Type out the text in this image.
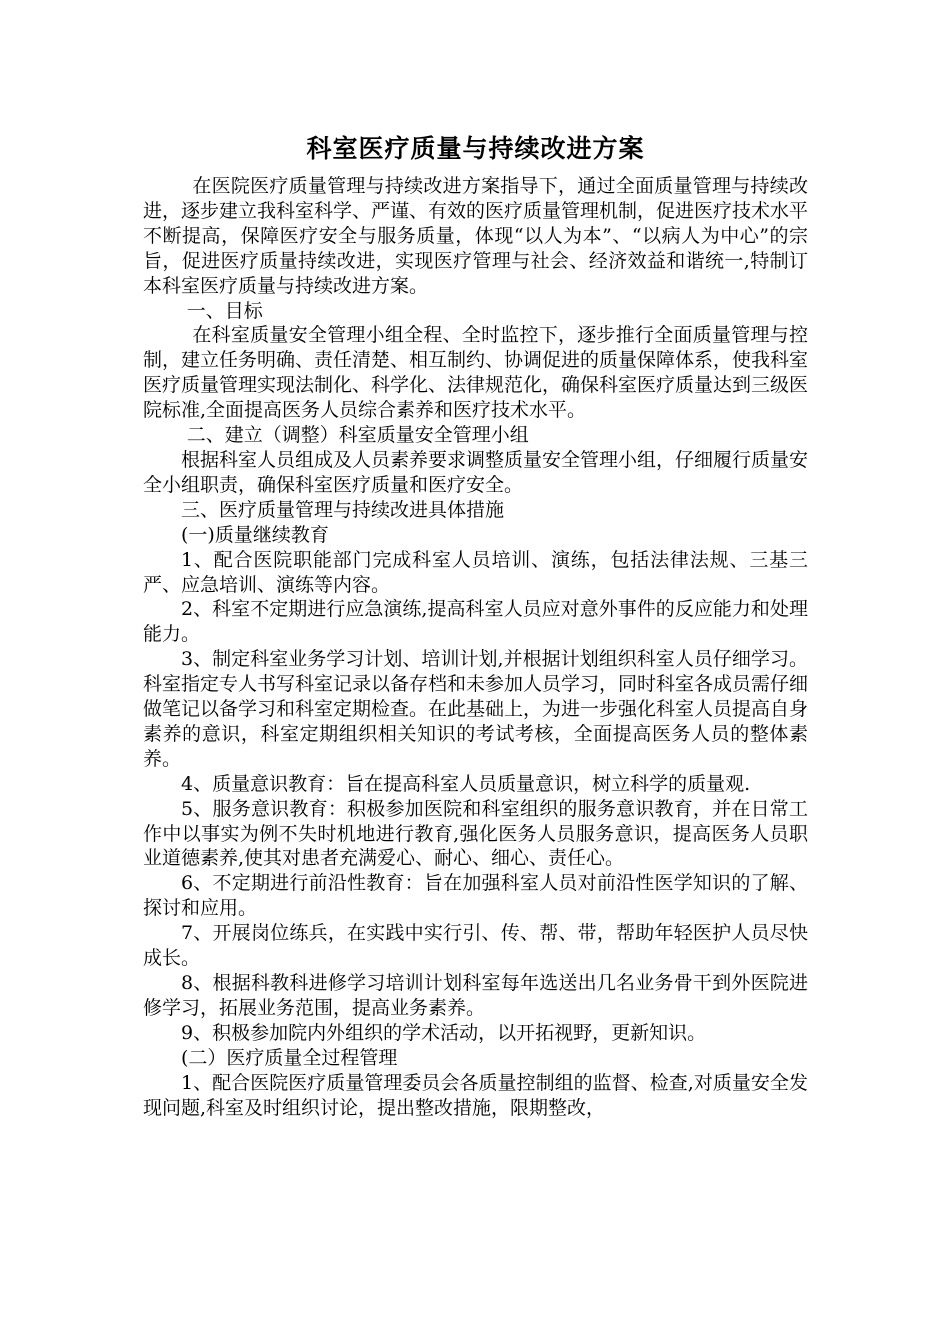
科室医疗质量与持续改进方案

在医院医疗质量管理与持续改进方案指导下，通过全面质量管理与持续改进，逐步建立我科室科学、严谨、有效的医疗质量管理机制，促进医疗技术水平不断提高，保障医疗安全与服务质量，体现“以人为本”、“以病人为中心”的宗旨，促进医疗质量持续改进，实现医疗管理与社会、经济效益和谐统一,特制订本科室医疗质量与持续改进方案。

一、目标

在科室质量安全管理小组全程、全时监控下，逐步推行全面质量管理与控制，建立任务明确、责任清楚、相互制约、协调促进的质量保障体系，使我科室医疗质量管理实现法制化、科学化、法律规范化，确保科室医疗质量达到三级医院标准,全面提高医务人员综合素养和医疗技术水平。

二、建立（调整）科室质量安全管理小组

根据科室人员组成及人员素养要求调整质量安全管理小组，仔细履行质量安全小组职责，确保科室医疗质量和医疗安全。

三、医疗质量管理与持续改进具体措施

(一)质量继续教育

1、配合医院职能部门完成科室人员培训、演练，包括法律法规、三基三严、应急培训、演练等内容。

2、科室不定期进行应急演练,提高科室人员应对意外事件的反应能力和处理能力。

3、制定科室业务学习计划、培训计划,并根据计划组织科室人员仔细学习。科室指定专人书写科室记录以备存档和未参加人员学习，同时科室各成员需仔细做笔记以备学习和科室定期检查。在此基础上，为进一步强化科室人员提高自身素养的意识，科室定期组织相关知识的考试考核，全面提高医务人员的整体素养。

4、质量意识教育：旨在提高科室人员质量意识，树立科学的质量观.

5、服务意识教育：积极参加医院和科室组织的服务意识教育，并在日常工作中以事实为例不失时机地进行教育,强化医务人员服务意识，提高医务人员职业道德素养,使其对患者充满爱心、耐心、细心、责任心。

6、不定期进行前沿性教育：旨在加强科室人员对前沿性医学知识的了解、探讨和应用。

7、开展岗位练兵，在实践中实行引、传、帮、带，帮助年轻医护人员尽快成长。

8、根据科教科进修学习培训计划科室每年选送出几名业务骨干到外医院进修学习，拓展业务范围，提高业务素养。

9、积极参加院内外组织的学术活动，以开拓视野，更新知识。

(二）医疗质量全过程管理

1、配合医院医疗质量管理委员会各质量控制组的监督、检查,对质量安全发现问题,科室及时组织讨论，提出整改措施，限期整改，
